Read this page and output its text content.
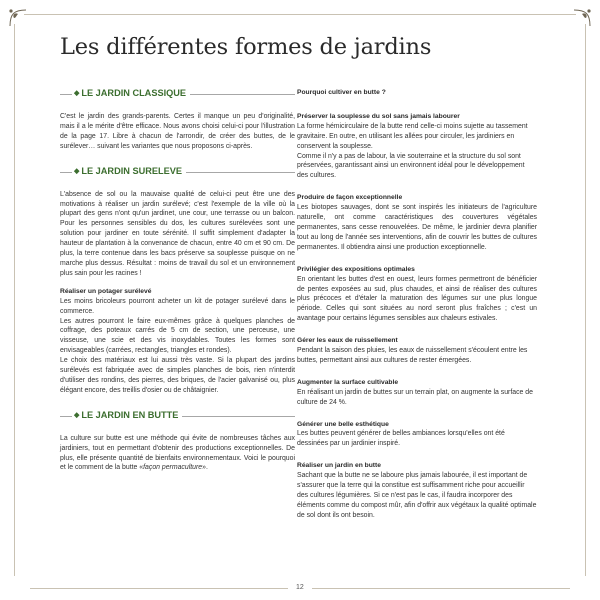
Les différentes formes de jardins
◆ LE JARDIN CLASSIQUE

C'est le jardin des grands-parents. Certes il manque un peu d'originalité, mais il a le mérite d'être efficace. Nous avons choisi celui-ci pour l'illustration de la page 17. Libre à chacun de l'arrondir, de créer des buttes, de le surélever… suivant les variantes que nous proposons ci-après.

◆ LE JARDIN SURELEVE

L'absence de sol ou la mauvaise qualité de celui-ci peut être une des motivations à réaliser un jardin surélevé; c'est l'exemple de la ville où la plupart des gens n'ont qu'un jardinet, une cour, une terrasse ou un balcon. Pour les personnes sensibles du dos, les cultures surélevées sont une solution pour jardiner en toute sérénité. Il suffit simplement d'adapter la hauteur de plantation à la convenance de chacun, entre 40 cm et 90 cm. De plus, la terre contenue dans les bacs préserve sa souplesse puisque on ne marche plus dessus. Résultat : moins de travail du sol et un environnement plus sain pour les racines !

Réaliser un potager surélevé

Les moins bricoleurs pourront acheter un kit de potager surélevé dans le commerce.

Les autres pourront le faire eux-mêmes grâce à quelques planches de coffrage, des poteaux carrés de 5 cm de section, une perceuse, une visseuse, une scie et des vis inoxydables. Toutes les formes sont envisageables (carrées, rectangles, triangles et rondes).

Le choix des matériaux est lui aussi très vaste. Si la plupart des jardins surélevés est fabriquée avec de simples planches de bois, rien n'interdit d'utiliser des rondins, des pierres, des briques, de l'acier galvanisé ou, plus élégant encore, des treillis d'osier ou de châtaignier.

◆ LE JARDIN EN BUTTE

La culture sur butte est une méthode qui évite de nombreuses tâches aux jardiniers, tout en permettant d'obtenir des productions exceptionnelles. De plus, elle présente quantité de bienfaits environnementaux. Voici le pourquoi et le comment de la butte «façon permaculture».

Pourquoi cultiver en butte ?
Préserver la souplesse du sol sans jamais labourer

La forme hémicirculaire de la butte rend celle-ci moins sujette au tassement gravitaire. En outre, en utilisant les allées pour circuler, les jardiniers en conservent la souplesse.

Comme il n'y a pas de labour, la vie souterraine et la structure du sol sont préservées, garantissant ainsi un environnent idéal pour le développement des cultures.

Produire de façon exceptionnelle

Les biotopes sauvages, dont se sont inspirés les initiateurs de l'agriculture naturelle, ont comme caractéristiques des couvertures végétales permanentes, sans cesse renouvelées. De même, le jardinier devra planifier tout au long de l'année ses interventions, afin de couvrir les buttes de cultures permanentes. Il obtiendra ainsi une production exceptionnelle.

Privilégier des expositions optimales

En orientant les buttes d'est en ouest, leurs formes permettront de bénéficier de pentes exposées au sud, plus chaudes, et ainsi de réaliser des cultures plus précoces et d'étaler la maturation des légumes sur une plus longue période. Celles qui sont situées au nord seront plus fraîches ; c'est un avantage pour certains légumes sensibles aux chaleurs estivales.

Gérer les eaux de ruissellement

Pendant la saison des pluies, les eaux de ruissellement s'écoulent entre les buttes, permettant ainsi aux cultures de rester émergées.

Augmenter la surface cultivable

En réalisant un jardin de buttes sur un terrain plat, on augmente la surface de culture de 24 %.

Générer une belle esthétique

Les buttes peuvent générer de belles ambiances lorsqu'elles ont été dessinées par un jardinier inspiré.

Réaliser un jardin en butte

Sachant que la butte ne se laboure plus jamais labourée, il est important de s'assurer que la terre qui la constitue est suffisamment riche pour accueillir des cultures légumières. Si ce n'est pas le cas, il faudra incorporer des éléments comme du compost mûr, afin d'offrir aux végétaux la qualité optimale de sol dont ils ont besoin.

12
